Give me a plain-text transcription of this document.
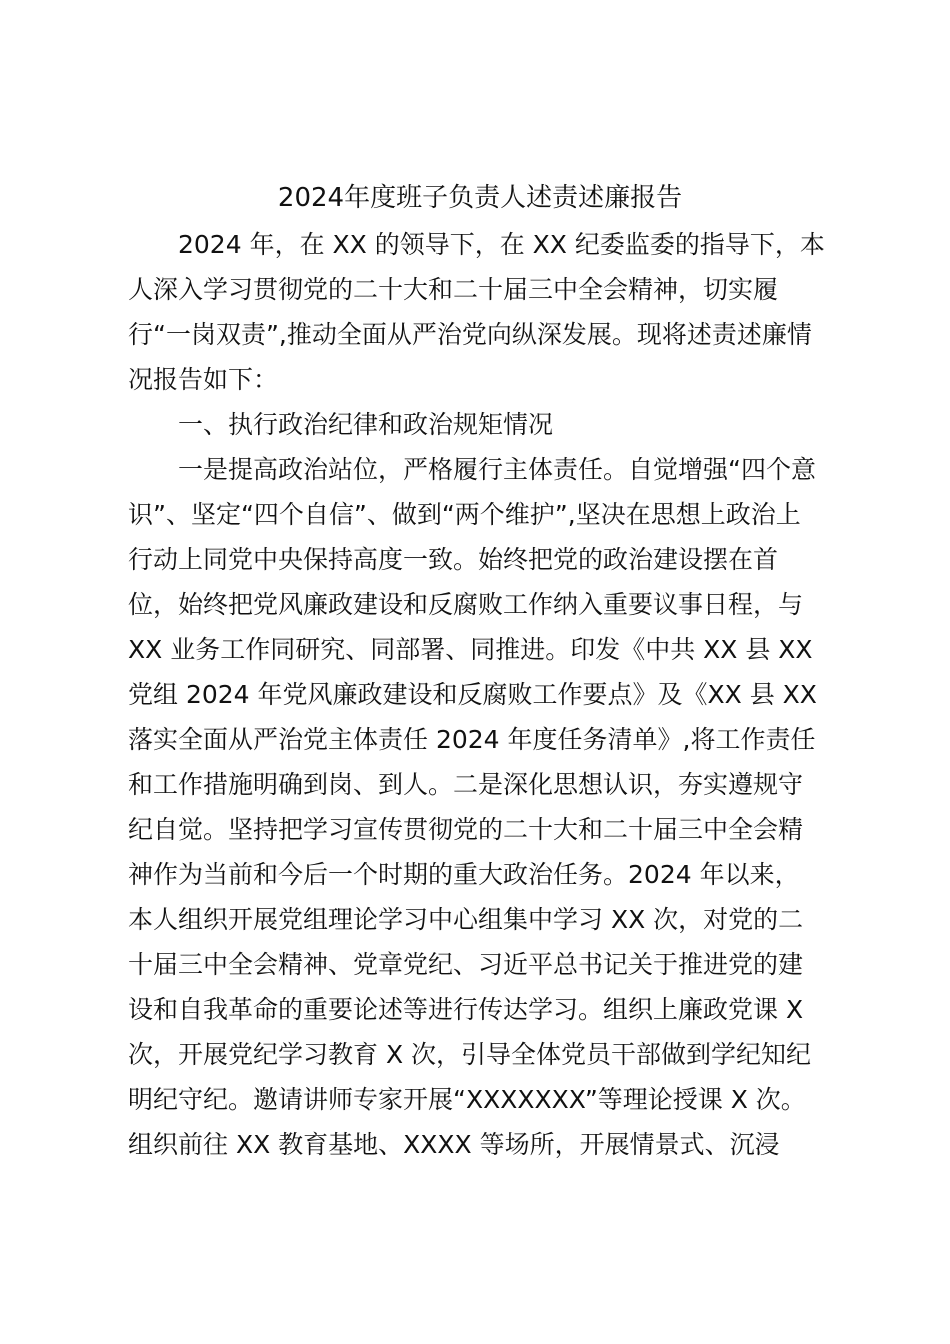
2024年度班子负责人述责述廉报告
2024 年，在 XX 的领导下，在 XX 纪委监委的指导下，本
人深入学习贯彻党的二十大和二十届三中全会精神，切实履
行“一岗双责”,推动全面从严治党向纵深发展。现将述责述廉情
况报告如下：
一、执行政治纪律和政治规矩情况
一是提高政治站位，严格履行主体责任。自觉增强“四个意
识”、坚定“四个自信”、做到“两个维护”,坚决在思想上政治上
行动上同党中央保持高度一致。始终把党的政治建设摆在首
位，始终把党风廉政建设和反腐败工作纳入重要议事日程，与
XX 业务工作同研究、同部署、同推进。印发《中共 XX 县 XX
党组 2024 年党风廉政建设和反腐败工作要点》及《XX 县 XX
落实全面从严治党主体责任 2024 年度任务清单》,将工作责任
和工作措施明确到岗、到人。二是深化思想认识，夯实遵规守
纪自觉。坚持把学习宣传贯彻党的二十大和二十届三中全会精
神作为当前和今后一个时期的重大政治任务。2024 年以来，
本人组织开展党组理论学习中心组集中学习 XX 次，对党的二
十届三中全会精神、党章党纪、习近平总书记关于推进党的建
设和自我革命的重要论述等进行传达学习。组织上廉政党课 X
次，开展党纪学习教育 X 次，引导全体党员干部做到学纪知纪
明纪守纪。邀请讲师专家开展“XXXXXXX”等理论授课 X 次。
组织前往 XX 教育基地、XXXX 等场所，开展情景式、沉浸
